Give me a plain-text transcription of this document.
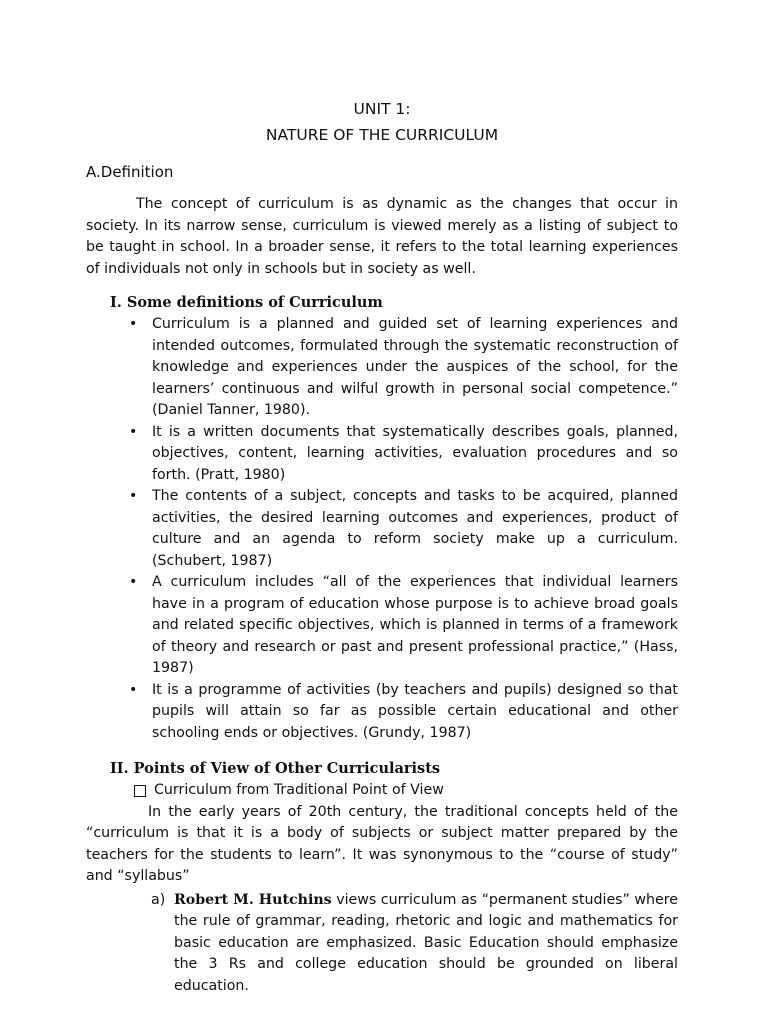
UNIT 1:
NATURE OF THE CURRICULUM
A.Definition

The concept of curriculum is as dynamic as the changes that occur in society. In its narrow sense, curriculum is viewed merely as a listing of subject to be taught in school. In a broader sense, it refers to the total learning experiences of individuals not only in schools but in society as well.

I. Some definitions of Curriculum
• Curriculum is a planned and guided set of learning experiences and intended outcomes, formulated through the systematic reconstruction of knowledge and experiences under the auspices of the school, for the learners’ continuous and wilful growth in personal social competence.” (Daniel Tanner, 1980).
• It is a written documents that systematically describes goals, planned, objectives, content, learning activities, evaluation procedures and so forth. (Pratt, 1980)
• The contents of a subject, concepts and tasks to be acquired, planned activities, the desired learning outcomes and experiences, product of culture and an agenda to reform society make up a curriculum. (Schubert, 1987)
• A curriculum includes “all of the experiences that individual learners have in a program of education whose purpose is to achieve broad goals and related specific objectives, which is planned in terms of a framework of theory and research or past and present professional practice,” (Hass, 1987)
• It is a programme of activities (by teachers and pupils) designed so that pupils will attain so far as possible certain educational and other schooling ends or objectives. (Grundy, 1987)
II. Points of View of Other Curricularists
Curriculum from Traditional Point of View

In the early years of 20th century, the traditional concepts held of the “curriculum is that it is a body of subjects or subject matter prepared by the teachers for the students to learn”. It was synonymous to the “course of study” and “syllabus”

a) Robert M. Hutchins views curriculum as “permanent studies” where the rule of grammar, reading, rhetoric and logic and mathematics for basic education are emphasized. Basic Education should emphasize the 3 Rs and college education should be grounded on liberal education.
